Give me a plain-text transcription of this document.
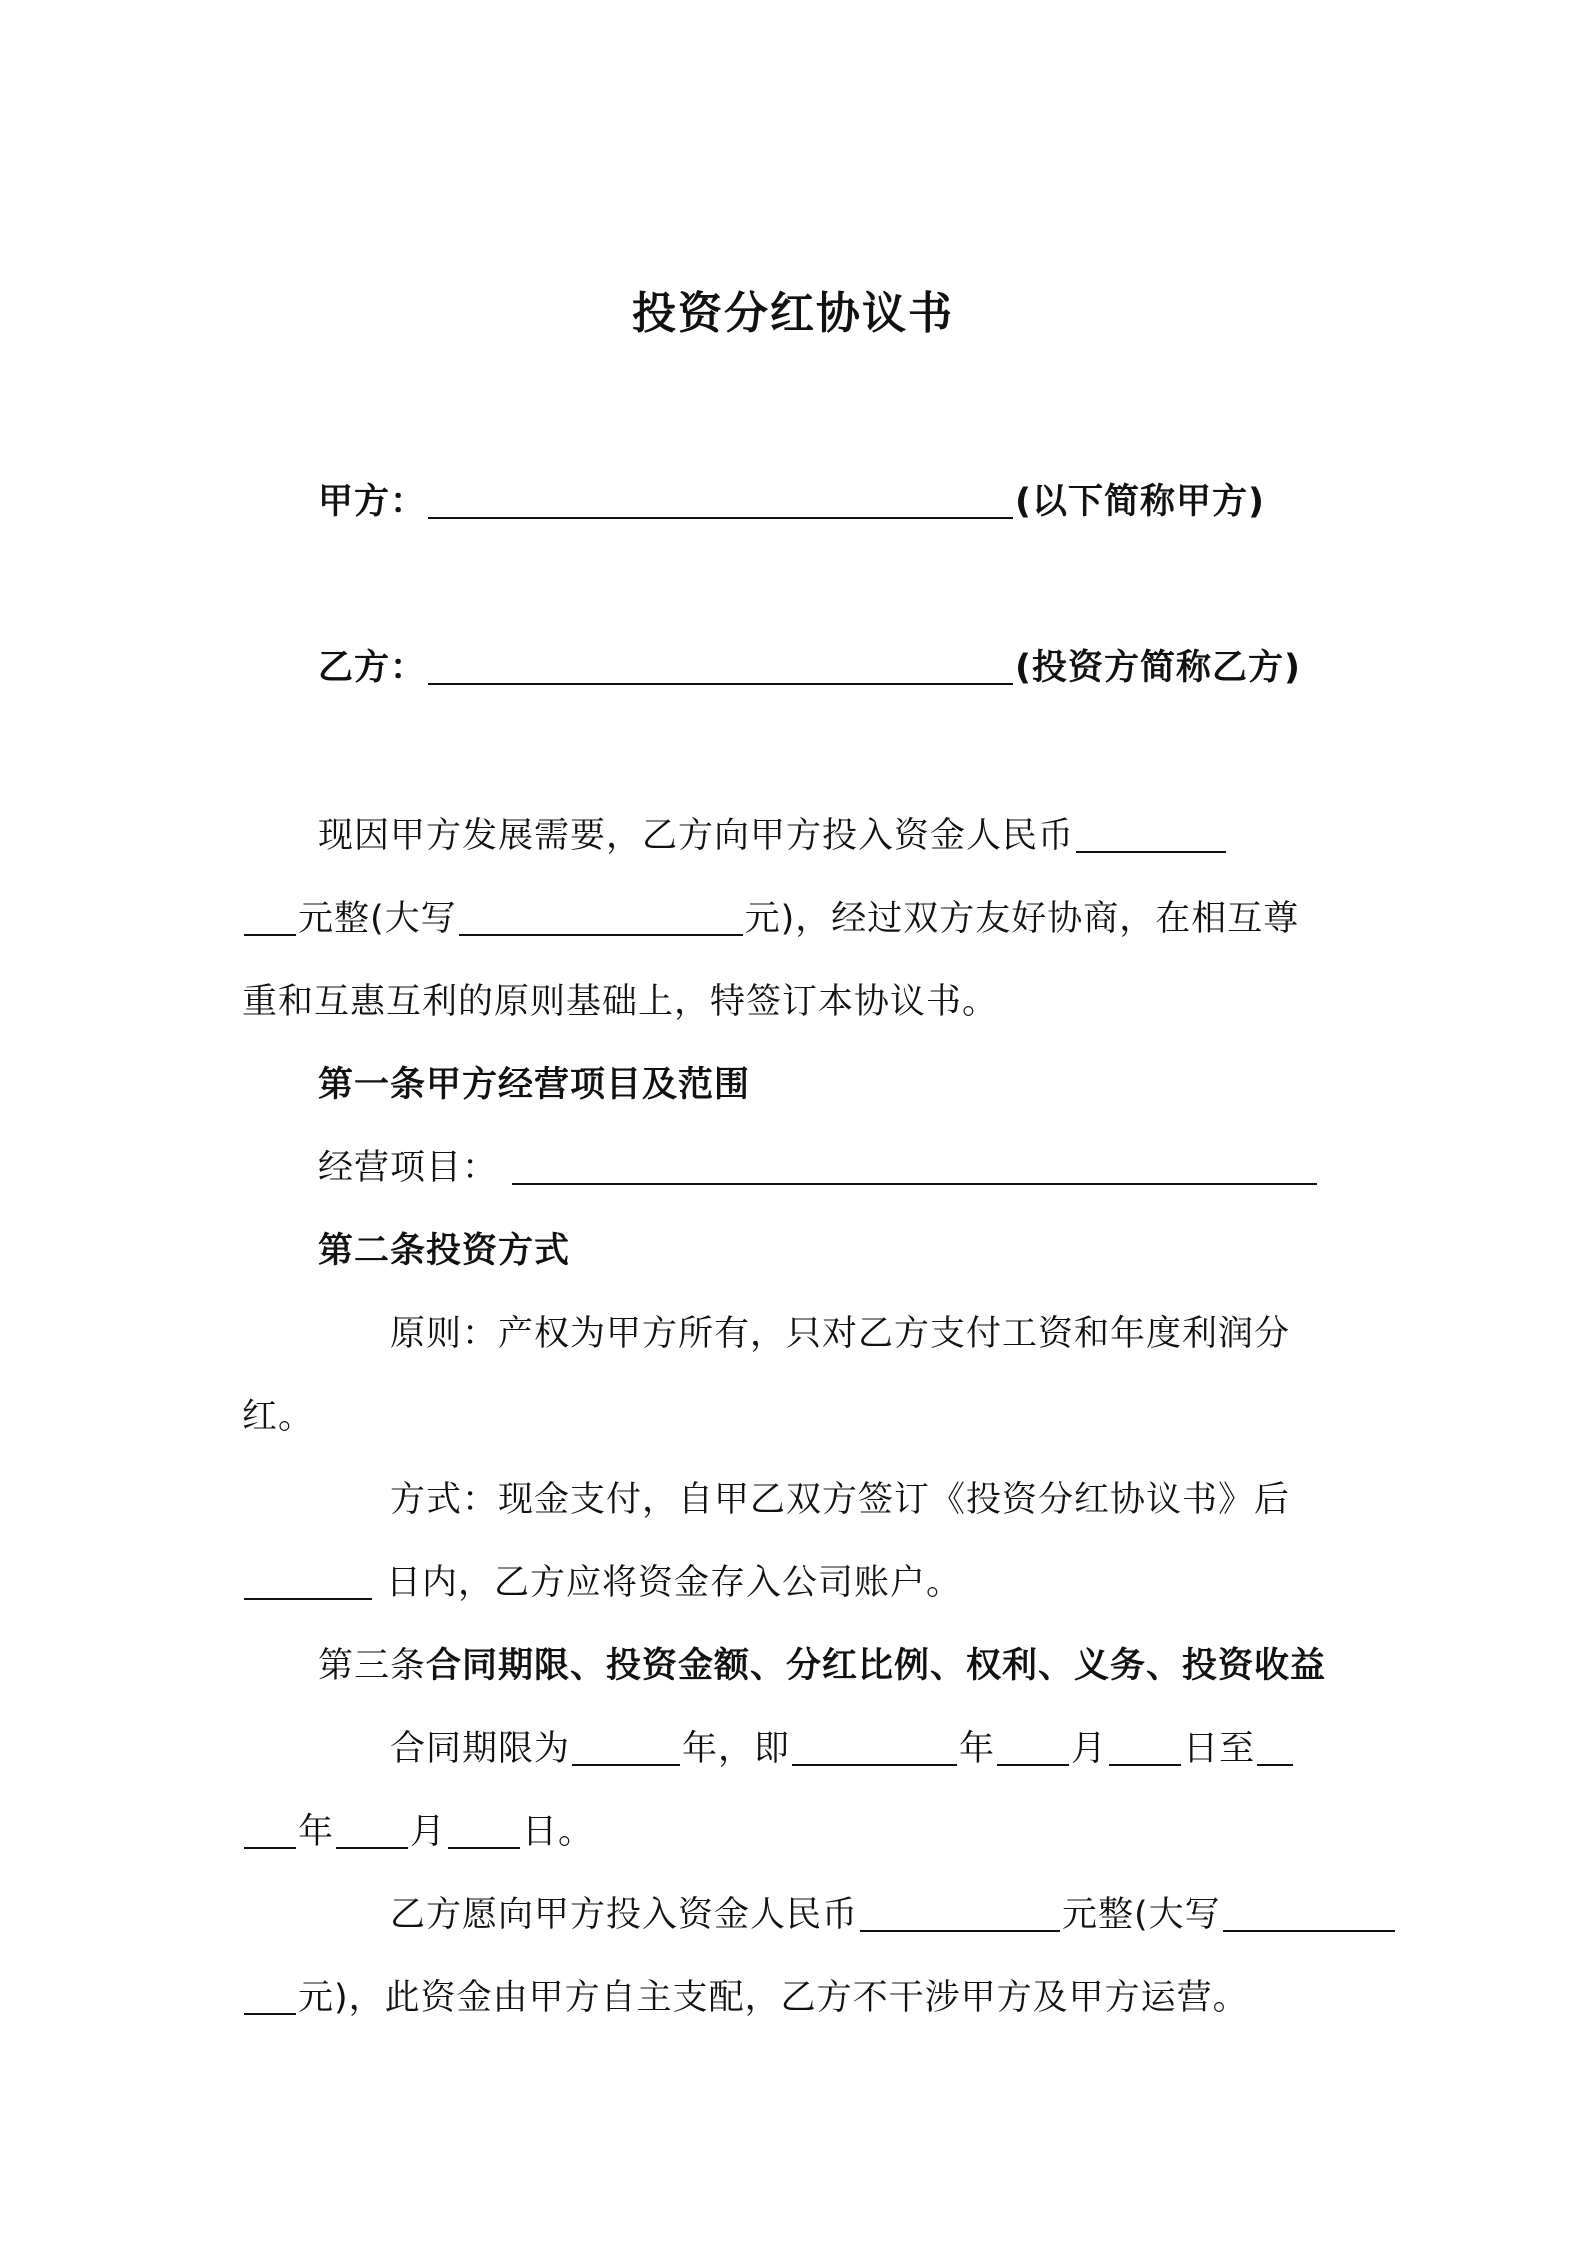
投资分红协议书
甲方：	(以下简称甲方)
乙方：	(投资方简称乙方)
现因甲方发展需要，乙方向甲方投入资金人民币
元整(大写	元)，经过双方友好协商，在相互尊
重和互惠互利的原则基础上，特签订本协议书。
第一条甲方经营项目及范围
经营项目：
第二条投资方式
原则：产权为甲方所有，只对乙方支付工资和年度利润分
红。
方式：现金支付，自甲乙双方签订《投资分红协议书》后
日内，乙方应将资金存入公司账户。
第三条合同期限、投资金额、分红比例、权利、义务、投资收益
合同期限为	年，即	年 月 日至
年 月 日。
乙方愿向甲方投入资金人民币	元整(大写
元)，此资金由甲方自主支配，乙方不干涉甲方及甲方运营。
